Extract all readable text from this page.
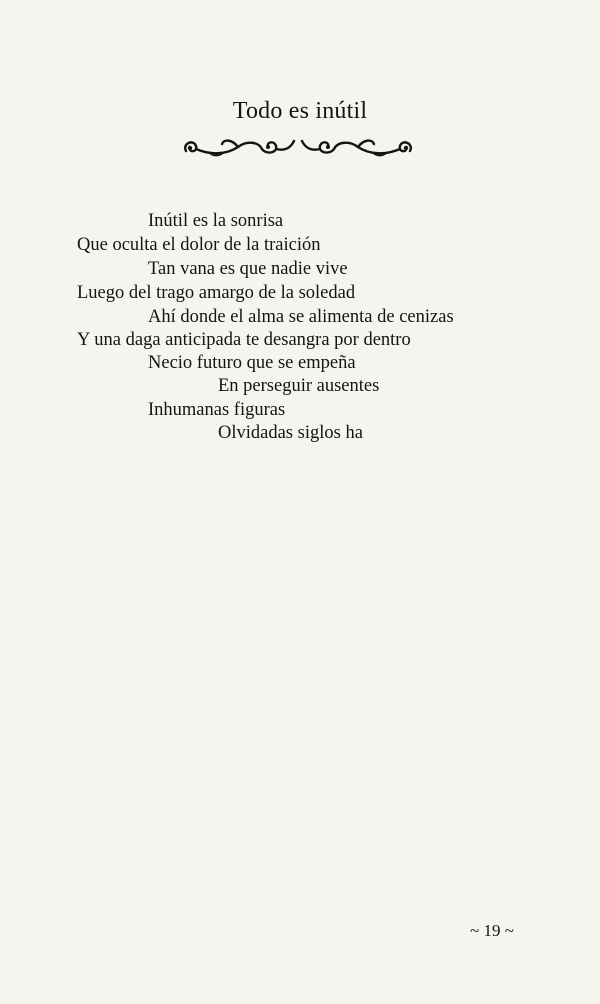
Todo es inútil
Inútil es la sonrisa
Que oculta el dolor de la traición
Tan vana es que nadie vive
Luego del trago amargo de la soledad
Ahí donde el alma se alimenta de cenizas
Y una daga anticipada te desangra por dentro
Necio futuro que se empeña
En perseguir ausentes
Inhumanas figuras
Olvidadas siglos ha
~ 19 ~
